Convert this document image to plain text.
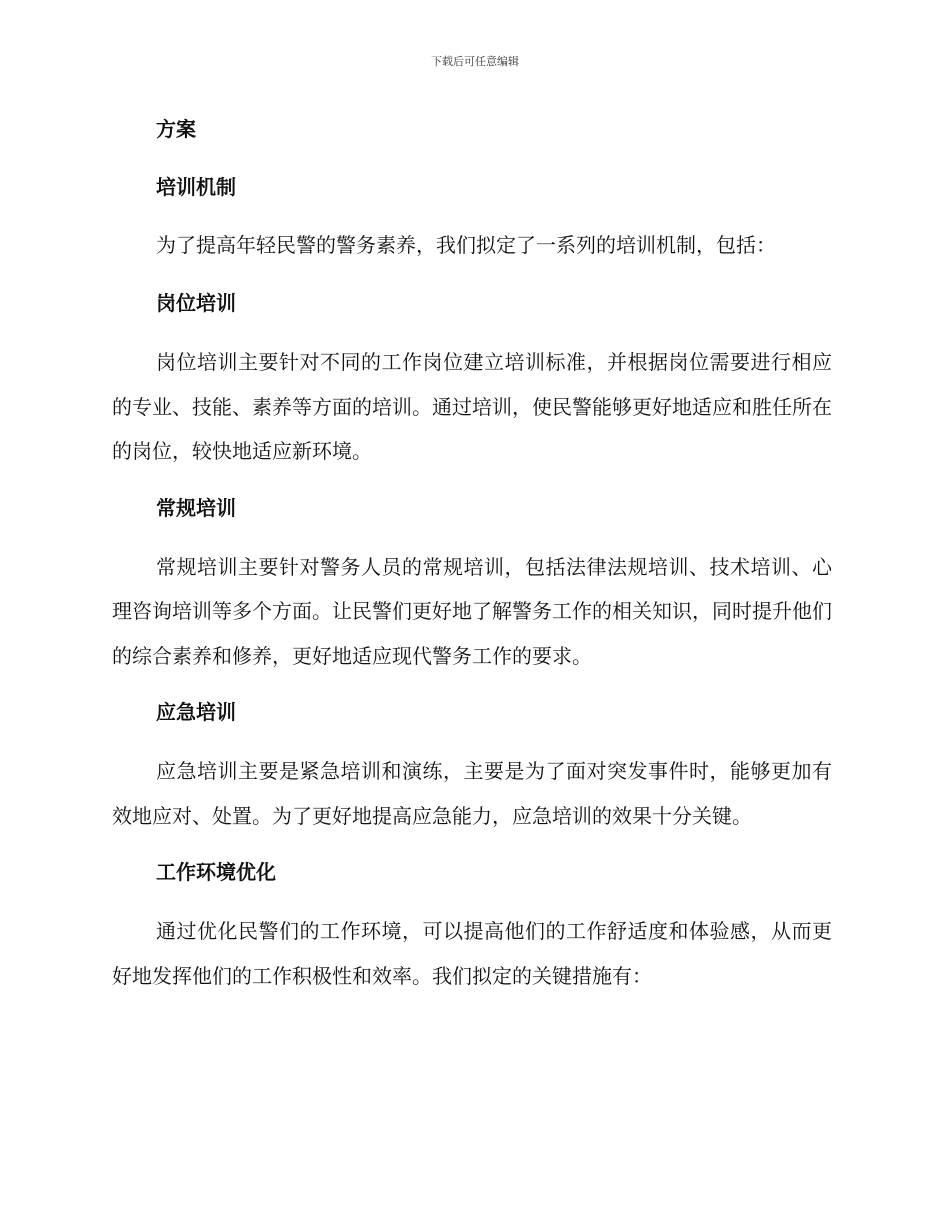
下载后可任意编辑
方案
培训机制

为了提高年轻民警的警务素养，我们拟定了一系列的培训机制，包括：

岗位培训

岗位培训主要针对不同的工作岗位建立培训标准，并根据岗位需要进行相应的专业、技能、素养等方面的培训。通过培训，使民警能够更好地适应和胜任所在的岗位，较快地适应新环境。

常规培训

常规培训主要针对警务人员的常规培训，包括法律法规培训、技术培训、心理咨询培训等多个方面。让民警们更好地了解警务工作的相关知识，同时提升他们的综合素养和修养，更好地适应现代警务工作的要求。

应急培训

应急培训主要是紧急培训和演练，主要是为了面对突发事件时，能够更加有效地应对、处置。为了更好地提高应急能力，应急培训的效果十分关键。

工作环境优化

通过优化民警们的工作环境，可以提高他们的工作舒适度和体验感，从而更好地发挥他们的工作积极性和效率。我们拟定的关键措施有：
